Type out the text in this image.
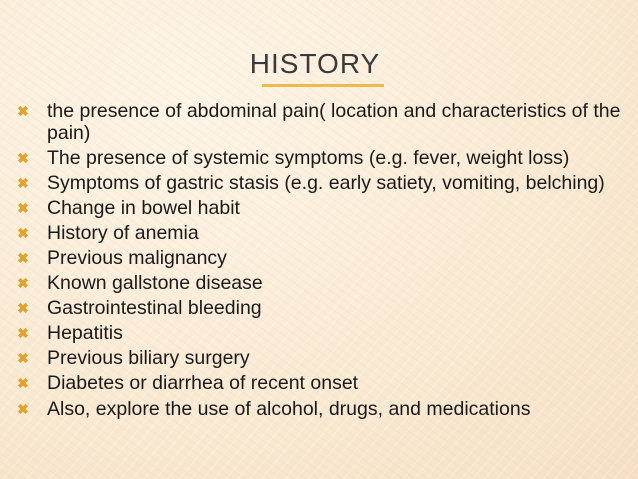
HISTORY
✖ the presence of abdominal pain( location and characteristics of the pain)
✖ The presence of systemic symptoms (e.g. fever, weight loss)
✖ Symptoms of gastric stasis (e.g. early satiety, vomiting, belching)
✖ Change in bowel habit
✖ History of anemia
✖ Previous malignancy
✖ Known gallstone disease
✖ Gastrointestinal bleeding
✖ Hepatitis
✖ Previous biliary surgery
✖ Diabetes or diarrhea of recent onset
✖ Also, explore the use of alcohol, drugs, and medications
